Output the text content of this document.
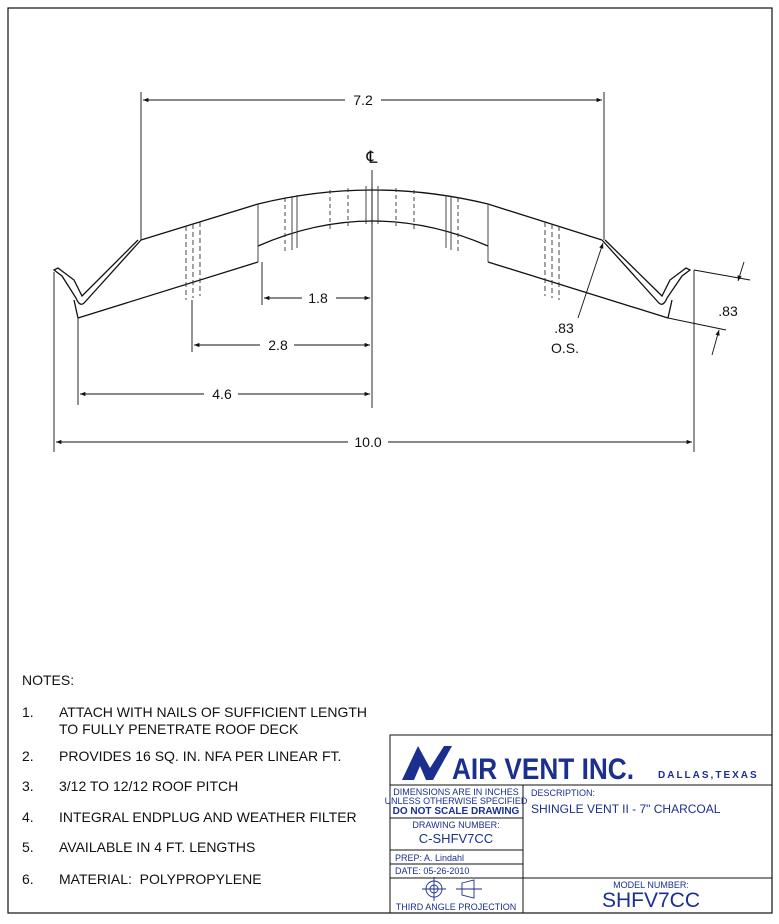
7.2
℄
1.8
2.8
4.6
10.0
.83
O.S.
.83
AIR VENT INC. DALLAS,TEXAS
DIMENSIONS ARE IN INCHES
UNLESS OTHERWISE SPECIFIED
DO NOT SCALE DRAWING
DRAWING NUMBER:
C-SHFV7CC
DESCRIPTION:
SHINGLE VENT II - 7" CHARCOAL
PREP: A. Lindahl
DATE: 05-26-2010
THIRD ANGLE PROJECTION
MODEL NUMBER:
SHFV7CC
NOTES:
1.	ATTACH WITH NAILS OF SUFFICIENT LENGTH
TO FULLY PENETRATE ROOF DECK
2.	PROVIDES 16 SQ. IN. NFA PER LINEAR FT.
3.	3/12 TO 12/12 ROOF PITCH
4.	INTEGRAL ENDPLUG AND WEATHER FILTER
5.	AVAILABLE IN 4 FT. LENGTHS
6.	MATERIAL:  POLYPROPYLENE
